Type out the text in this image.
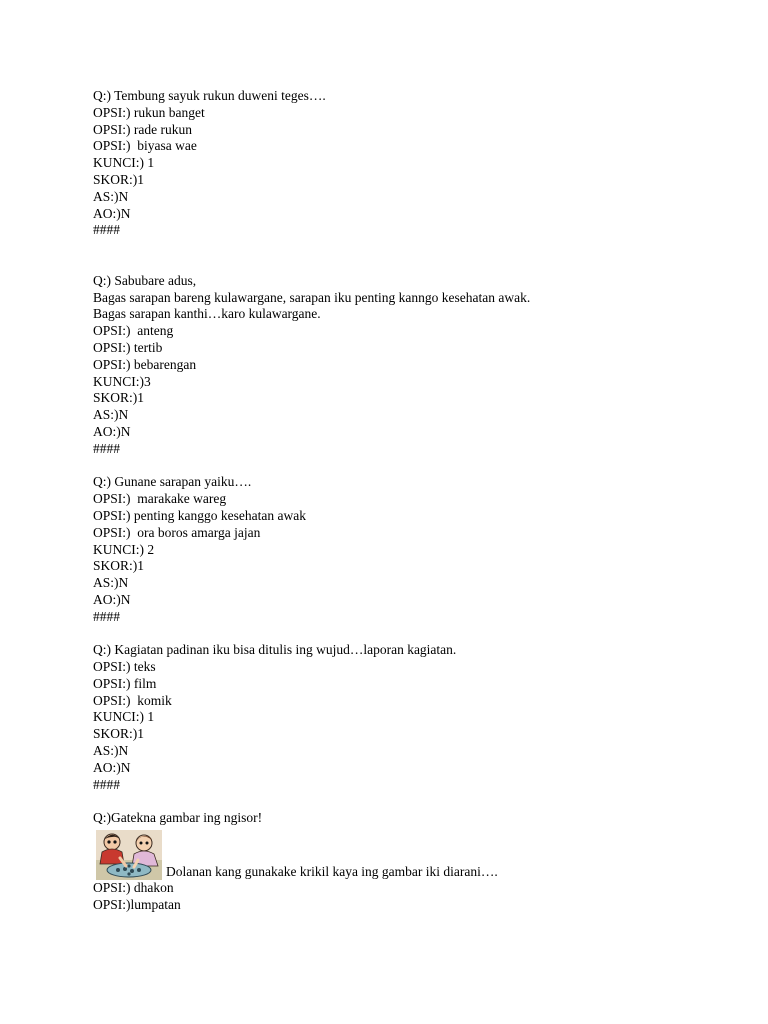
Q:) Tembung sayuk rukun duweni teges….
OPSI:) rukun banget
OPSI:) rade rukun
OPSI:)  biyasa wae
KUNCI:) 1
SKOR:)1
AS:)N
AO:)N
####
Q:) Sabubare adus,
Bagas sarapan bareng kulawargane, sarapan iku penting kanngo kesehatan awak.
Bagas sarapan kanthi…karo kulawargane.
OPSI:)  anteng
OPSI:) tertib
OPSI:) bebarengan
KUNCI:)3
SKOR:)1
AS:)N
AO:)N
####
Q:) Gunane sarapan yaiku….
OPSI:)  marakake wareg
OPSI:) penting kanggo kesehatan awak
OPSI:)  ora boros amarga jajan
KUNCI:) 2
SKOR:)1
AS:)N
AO:)N
####
Q:) Kagiatan padinan iku bisa ditulis ing wujud…laporan kagiatan.
OPSI:) teks
OPSI:) film
OPSI:)  komik
KUNCI:) 1
SKOR:)1
AS:)N
AO:)N
####
Q:)Gatekna gambar ing ngisor!
Dolanan kang gunakake krikil kaya ing gambar iki diarani….
OPSI:) dhakon
OPSI:)lumpatan
